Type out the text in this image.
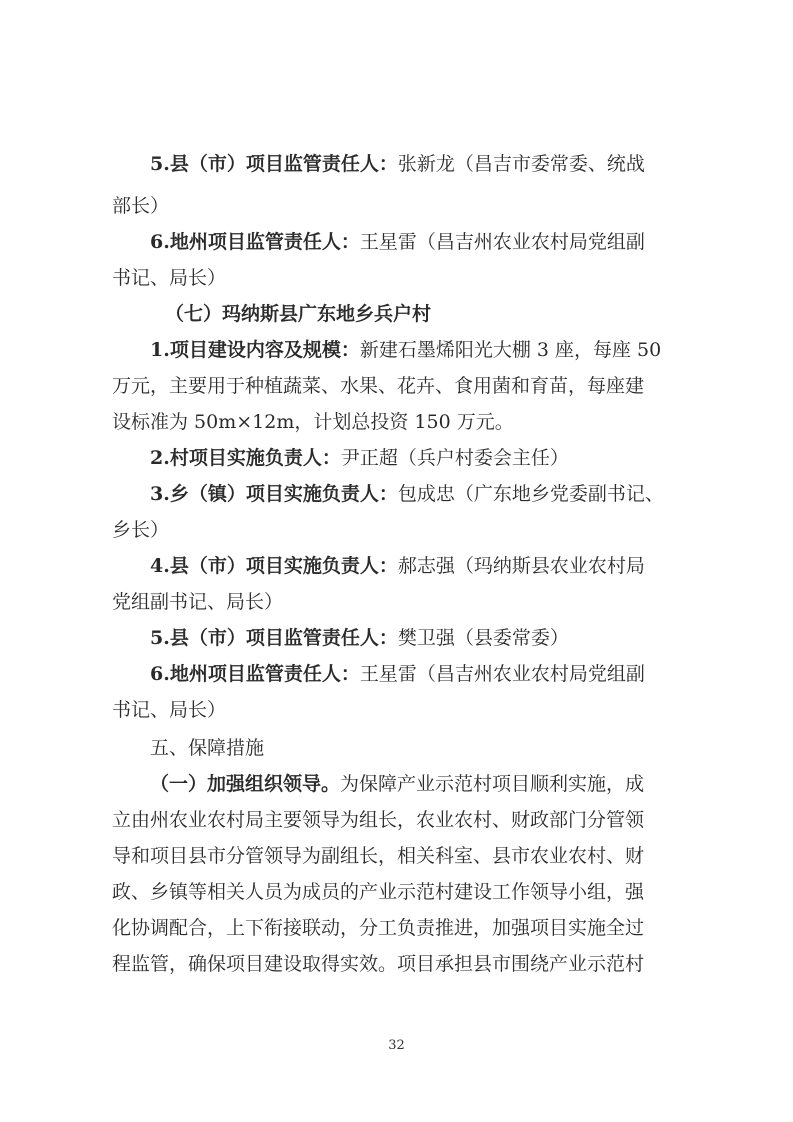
5.县（市）项目监管责任人：张新龙（昌吉市委常委、统战
部长）
6.地州项目监管责任人：王星雷（昌吉州农业农村局党组副
书记、局长）
（七）玛纳斯县广东地乡兵户村
1.项目建设内容及规模：新建石墨烯阳光大棚 3 座，每座 50
万元，主要用于种植蔬菜、水果、花卉、食用菌和育苗，每座建
设标准为 50m×12m，计划总投资 150 万元。
2.村项目实施负责人：尹正超（兵户村委会主任）
3.乡（镇）项目实施负责人：包成忠（广东地乡党委副书记、
乡长）
4.县（市）项目实施负责人：郝志强（玛纳斯县农业农村局
党组副书记、局长）
5.县（市）项目监管责任人：樊卫强（县委常委）
6.地州项目监管责任人：王星雷（昌吉州农业农村局党组副
书记、局长）
五、保障措施
（一）加强组织领导。为保障产业示范村项目顺利实施，成
立由州农业农村局主要领导为组长，农业农村、财政部门分管领
导和项目县市分管领导为副组长，相关科室、县市农业农村、财
政、乡镇等相关人员为成员的产业示范村建设工作领导小组，强
化协调配合，上下衔接联动，分工负责推进，加强项目实施全过
程监管，确保项目建设取得实效。项目承担县市围绕产业示范村
32
